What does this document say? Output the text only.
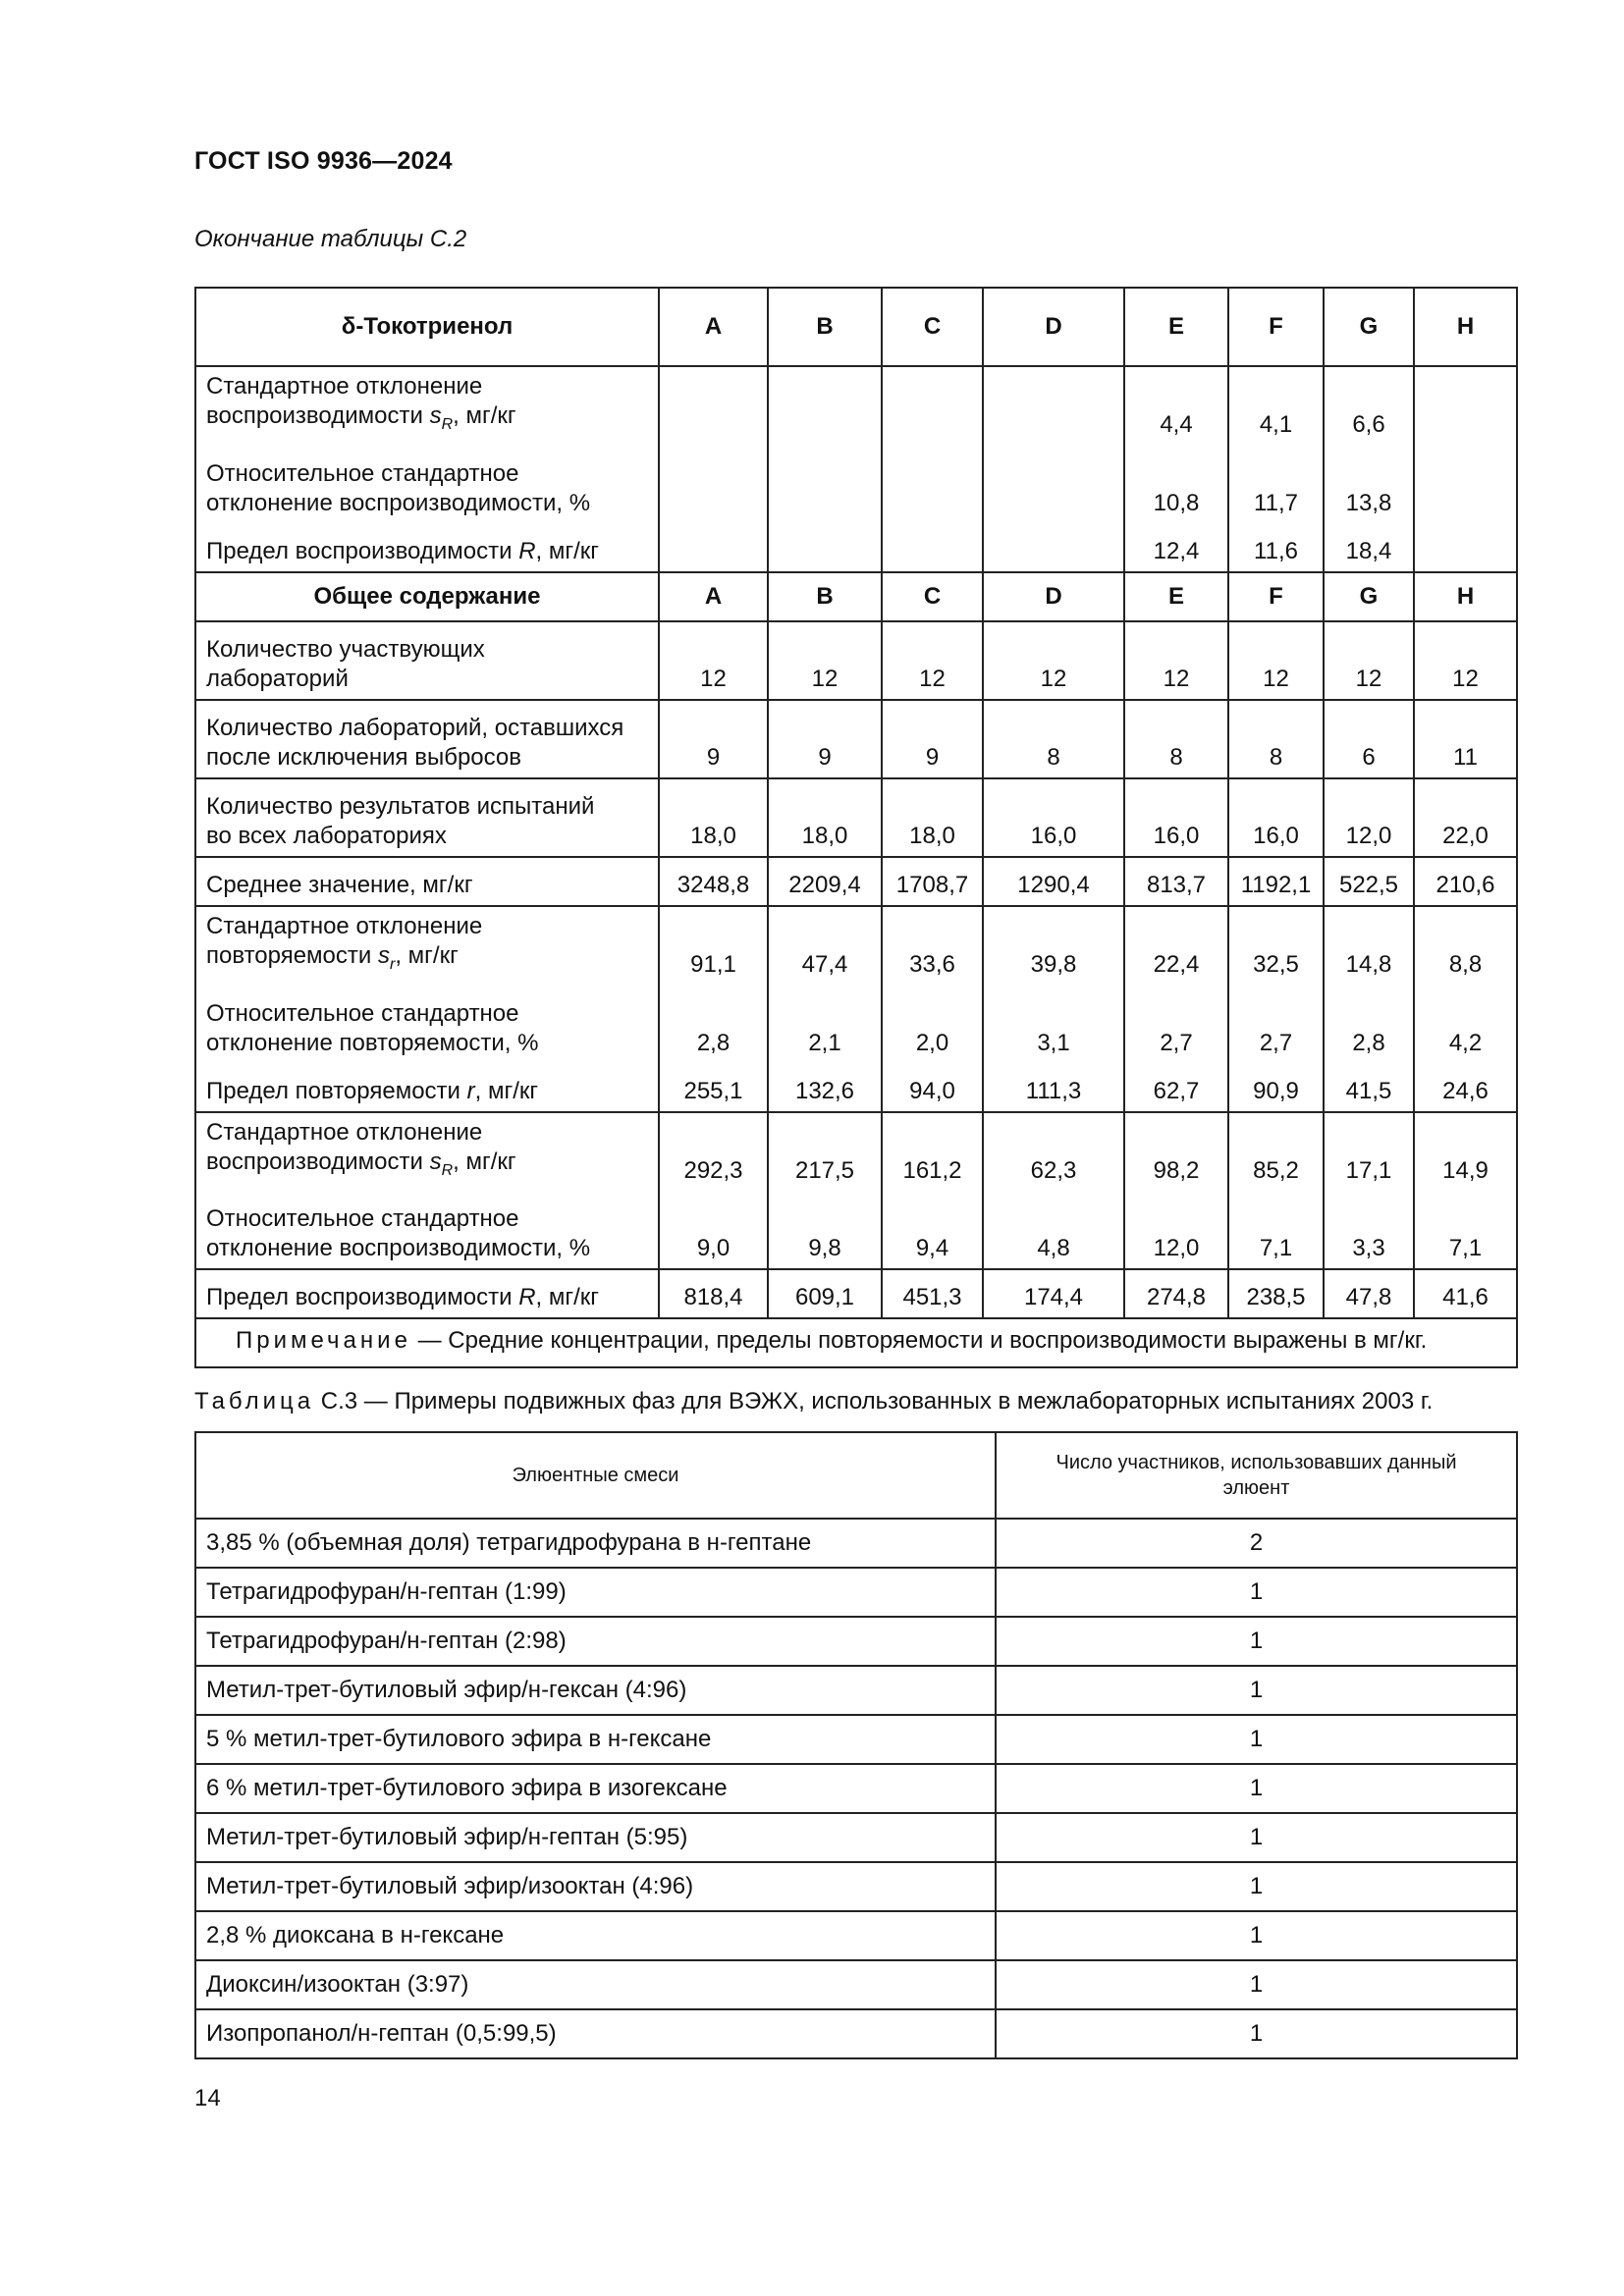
ГОСТ ISO 9936—2024
Окончание таблицы С.2
δ-Токотриенол	A	B	C	D	E	F	G	H
Стандартное отклонение
воспроизводимости $s_R$, мг/кг					4,4	4,1	6,6	
Относительное стандартное
отклонение воспроизводимости, %					10,8	11,7	13,8	
Предел воспроизводимости R, мг/кг					12,4	11,6	18,4	
Общее содержание	A	B	C	D	E	F	G	H
Количество участвующих
лабораторий	12	12	12	12	12	12	12	12
Количество лабораторий, оставшихся
после исключения выбросов	9	9	9	8	8	8	6	11
Количество результатов испытаний
во всех лабораториях	18,0	18,0	18,0	16,0	16,0	16,0	12,0	22,0
Среднее значение, мг/кг	3248,8	2209,4	1708,7	1290,4	813,7	1192,1	522,5	210,6
Стандартное отклонение
повторяемости $s_r$, мг/кг	91,1	47,4	33,6	39,8	22,4	32,5	14,8	8,8
Относительное стандартное
отклонение повторяемости, %	2,8	2,1	2,0	3,1	2,7	2,7	2,8	4,2
Предел повторяемости r, мг/кг	255,1	132,6	94,0	111,3	62,7	90,9	41,5	24,6
Стандартное отклонение
воспроизводимости $s_R$, мг/кг	292,3	217,5	161,2	62,3	98,2	85,2	17,1	14,9
Относительное стандартное
отклонение воспроизводимости, %	9,0	9,8	9,4	4,8	12,0	7,1	3,3	7,1
Предел воспроизводимости R, мг/кг	818,4	609,1	451,3	174,4	274,8	238,5	47,8	41,6
Примечание — Средние концентрации, пределы повторяемости и воспроизводимости выражены в мг/кг.								
Таблица С.3 — Примеры подвижных фаз для ВЭЖХ, использованных в межлабораторных испытаниях 2003 г.
Элюентные смеси	Число участников, использовавших данный
элюент
3,85 % (объемная доля) тетрагидрофурана в н-гептане	2
Тетрагидрофуран/н-гептан (1:99)	1
Тетрагидрофуран/н-гептан (2:98)	1
Метил-трет-бутиловый эфир/н-гексан (4:96)	1
5 % метил-трет-бутилового эфира в н-гексане	1
6 % метил-трет-бутилового эфира в изогексане	1
Метил-трет-бутиловый эфир/н-гептан (5:95)	1
Метил-трет-бутиловый эфир/изооктан (4:96)	1
2,8 % диоксана в н-гексане	1
Диоксин/изооктан (3:97)	1
Изопропанол/н-гептан (0,5:99,5)	1
14
